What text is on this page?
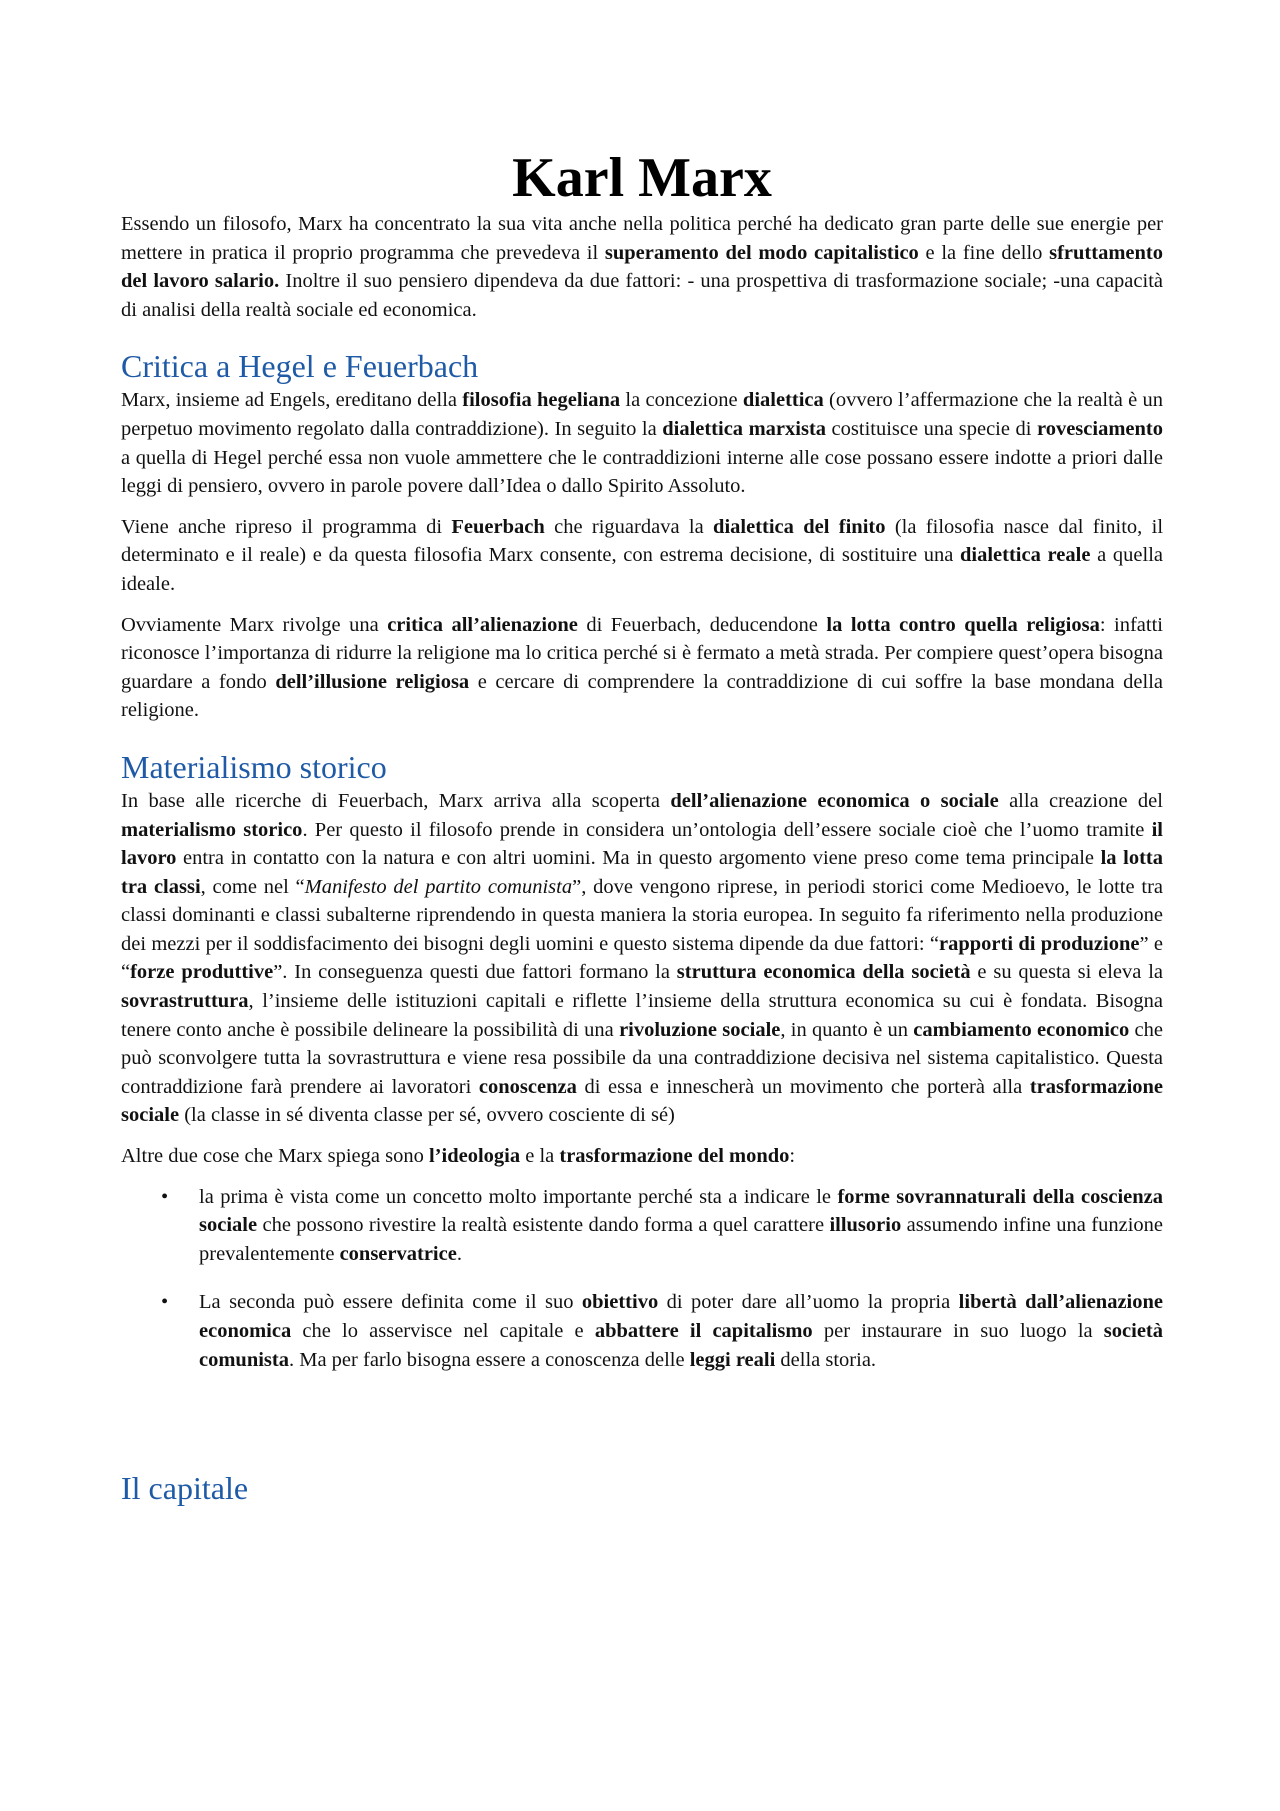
Karl Marx

Essendo un filosofo, Marx ha concentrato la sua vita anche nella politica perché ha dedicato gran parte delle sue energie per mettere in pratica il proprio programma che prevedeva il superamento del modo capitalistico e la fine dello sfruttamento del lavoro salario. Inoltre il suo pensiero dipendeva da due fattori: - una prospettiva di trasformazione sociale; -una capacità di analisi della realtà sociale ed economica.

Critica a Hegel e Feuerbach

Marx, insieme ad Engels, ereditano della filosofia hegeliana la concezione dialettica (ovvero l’affermazione che la realtà è un perpetuo movimento regolato dalla contraddizione). In seguito la dialettica marxista costituisce una specie di rovesciamento a quella di Hegel perché essa non vuole ammettere che le contraddizioni interne alle cose possano essere indotte a priori dalle leggi di pensiero, ovvero in parole povere dall’Idea o dallo Spirito Assoluto.

Viene anche ripreso il programma di Feuerbach che riguardava la dialettica del finito (la filosofia nasce dal finito, il determinato e il reale) e da questa filosofia Marx consente, con estrema decisione, di sostituire una dialettica reale a quella ideale.

Ovviamente Marx rivolge una critica all’alienazione di Feuerbach, deducendone la lotta contro quella religiosa: infatti riconosce l’importanza di ridurre la religione ma lo critica perché si è fermato a metà strada. Per compiere quest’opera bisogna guardare a fondo dell’illusione religiosa e cercare di comprendere la contraddizione di cui soffre la base mondana della religione.

Materialismo storico

In base alle ricerche di Feuerbach, Marx arriva alla scoperta dell’alienazione economica o sociale alla creazione del materialismo storico. Per questo il filosofo prende in considera un’ontologia dell’essere sociale cioè che l’uomo tramite il lavoro entra in contatto con la natura e con altri uomini. Ma in questo argomento viene preso come tema principale la lotta tra classi, come nel “Manifesto del partito comunista”, dove vengono riprese, in periodi storici come Medioevo, le lotte tra classi dominanti e classi subalterne riprendendo in questa maniera la storia europea. In seguito fa riferimento nella produzione dei mezzi per il soddisfacimento dei bisogni degli uomini e questo sistema dipende da due fattori: “rapporti di produzione” e “forze produttive”. In conseguenza questi due fattori formano la struttura economica della società e su questa si eleva la sovrastruttura, l’insieme delle istituzioni capitali e riflette l’insieme della struttura economica su cui è fondata. Bisogna tenere conto anche è possibile delineare la possibilità di una rivoluzione sociale, in quanto è un cambiamento economico che può sconvolgere tutta la sovrastruttura e viene resa possibile da una contraddizione decisiva nel sistema capitalistico. Questa contraddizione farà prendere ai lavoratori conoscenza di essa e innescherà un movimento che porterà alla trasformazione sociale (la classe in sé diventa classe per sé, ovvero cosciente di sé)

Altre due cose che Marx spiega sono l’ideologia e la trasformazione del mondo:

• la prima è vista come un concetto molto importante perché sta a indicare le forme sovrannaturali della coscienza sociale che possono rivestire la realtà esistente dando forma a quel carattere illusorio assumendo infine una funzione prevalentemente conservatrice.
• La seconda può essere definita come il suo obiettivo di poter dare all’uomo la propria libertà dall’alienazione economica che lo asservisce nel capitale e abbattere il capitalismo per instaurare in suo luogo la società comunista. Ma per farlo bisogna essere a conoscenza delle leggi reali della storia.
Il capitale
